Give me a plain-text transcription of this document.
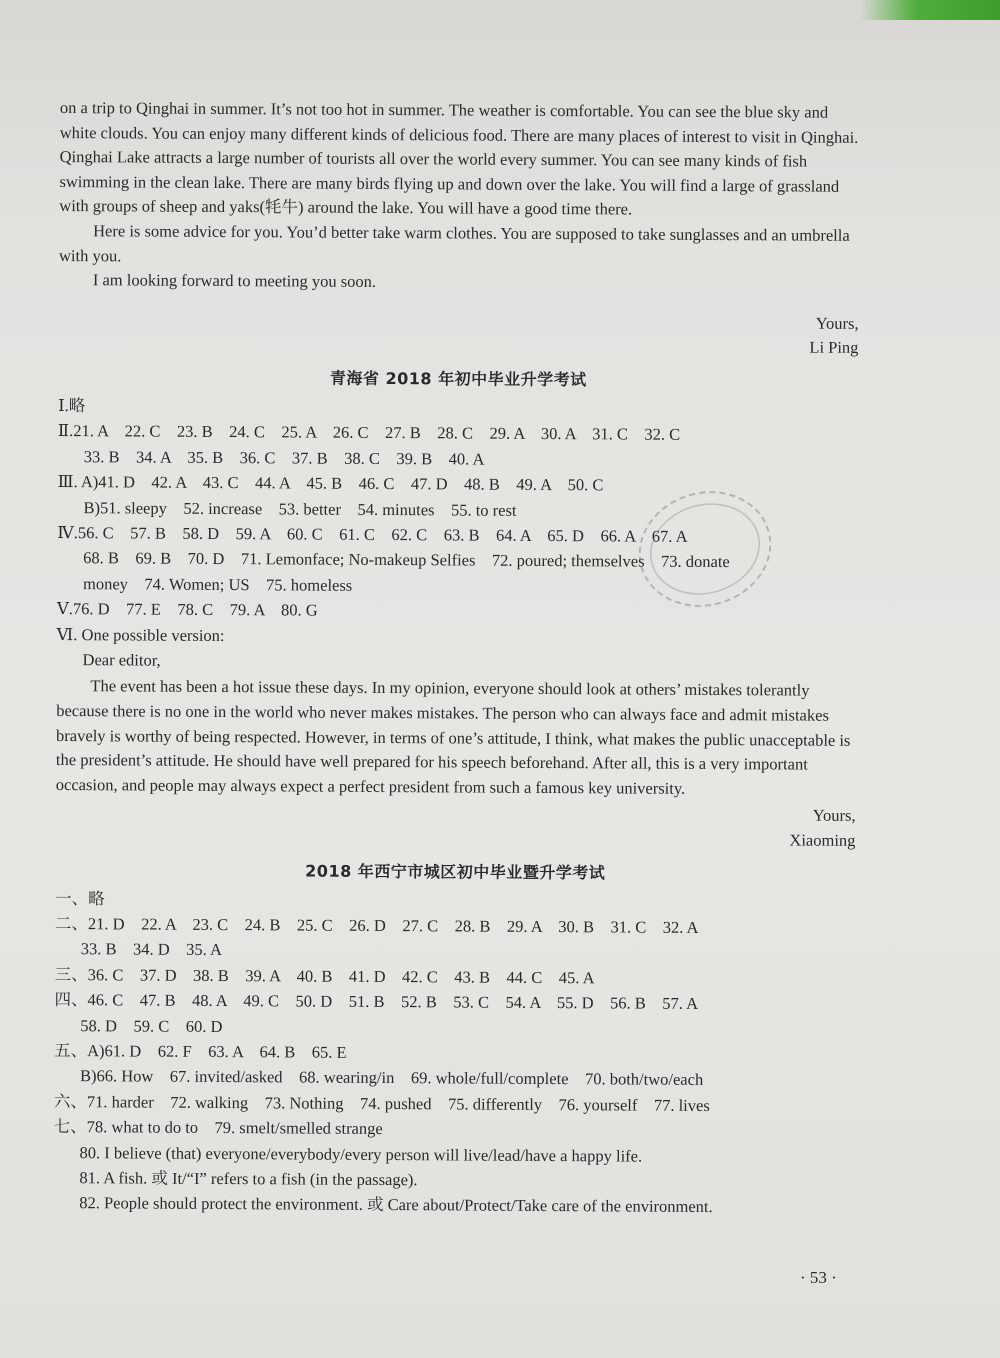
on a trip to Qinghai in summer. It’s not too hot in summer. The weather is comfortable. You can see the blue sky and white clouds. You can enjoy many different kinds of delicious food. There are many places of interest to visit in Qinghai. Qinghai Lake attracts a large number of tourists all over the world every summer. You can see many kinds of fish swimming in the clean lake. There are many birds flying up and down over the lake. You will find a large of grassland with groups of sheep and yaks(牦牛) around the lake. You will have a good time there.

Here is some advice for you. You’d better take warm clothes. You are supposed to take sunglasses and an umbrella with you.

I am looking forward to meeting you soon.

Yours,

Li Ping

青海省 2018 年初中毕业升学考试
Ⅰ.略
Ⅱ.21. A　22. C　23. B　24. C　25. A　26. C　27. B　28. C　29. A　30. A　31. C　32. C
33. B　34. A　35. B　36. C　37. B　38. C　39. B　40. A
Ⅲ. A)41. D　42. A　43. C　44. A　45. B　46. C　47. D　48. B　49. A　50. C
B)51. sleepy　52. increase　53. better　54. minutes　55. to rest
Ⅳ.56. C　57. B　58. D　59. A　60. C　61. C　62. C　63. B　64. A　65. D　66. A　67. A
68. B　69. B　70. D　71. Lemonface; No-makeup Selfies　72. poured; themselves　73. donate
money　74. Women; US　75. homeless
Ⅴ.76. D　77. E　78. C　79. A　80. G
Ⅵ. One possible version:
Dear editor,

The event has been a hot issue these days. In my opinion, everyone should look at others’ mistakes tolerantly because there is no one in the world who never makes mistakes. The person who can always face and admit mistakes bravely is worthy of being respected. However, in terms of one’s attitude, I think, what makes the public unacceptable is the president’s attitude. He should have well prepared for his speech beforehand. After all, this is a very important occasion, and people may always expect a perfect president from such a famous key university.

Yours,

Xiaoming

2018 年西宁市城区初中毕业暨升学考试
一、略
二、21. D　22. A　23. C　24. B　25. C　26. D　27. C　28. B　29. A　30. B　31. C　32. A
33. B　34. D　35. A
三、36. C　37. D　38. B　39. A　40. B　41. D　42. C　43. B　44. C　45. A
四、46. C　47. B　48. A　49. C　50. D　51. B　52. B　53. C　54. A　55. D　56. B　57. A
58. D　59. C　60. D
五、A)61. D　62. F　63. A　64. B　65. E
B)66. How　67. invited/asked　68. wearing/in　69. whole/full/complete　70. both/two/each
六、71. harder　72. walking　73. Nothing　74. pushed　75. differently　76. yourself　77. lives
七、78. what to do to　79. smelt/smelled strange
80. I believe (that) everyone/everybody/every person will live/lead/have a happy life.
81. A fish. 或 It/“I” refers to a fish (in the passage).
82. People should protect the environment. 或 Care about/Protect/Take care of the environment.
· 53 ·
